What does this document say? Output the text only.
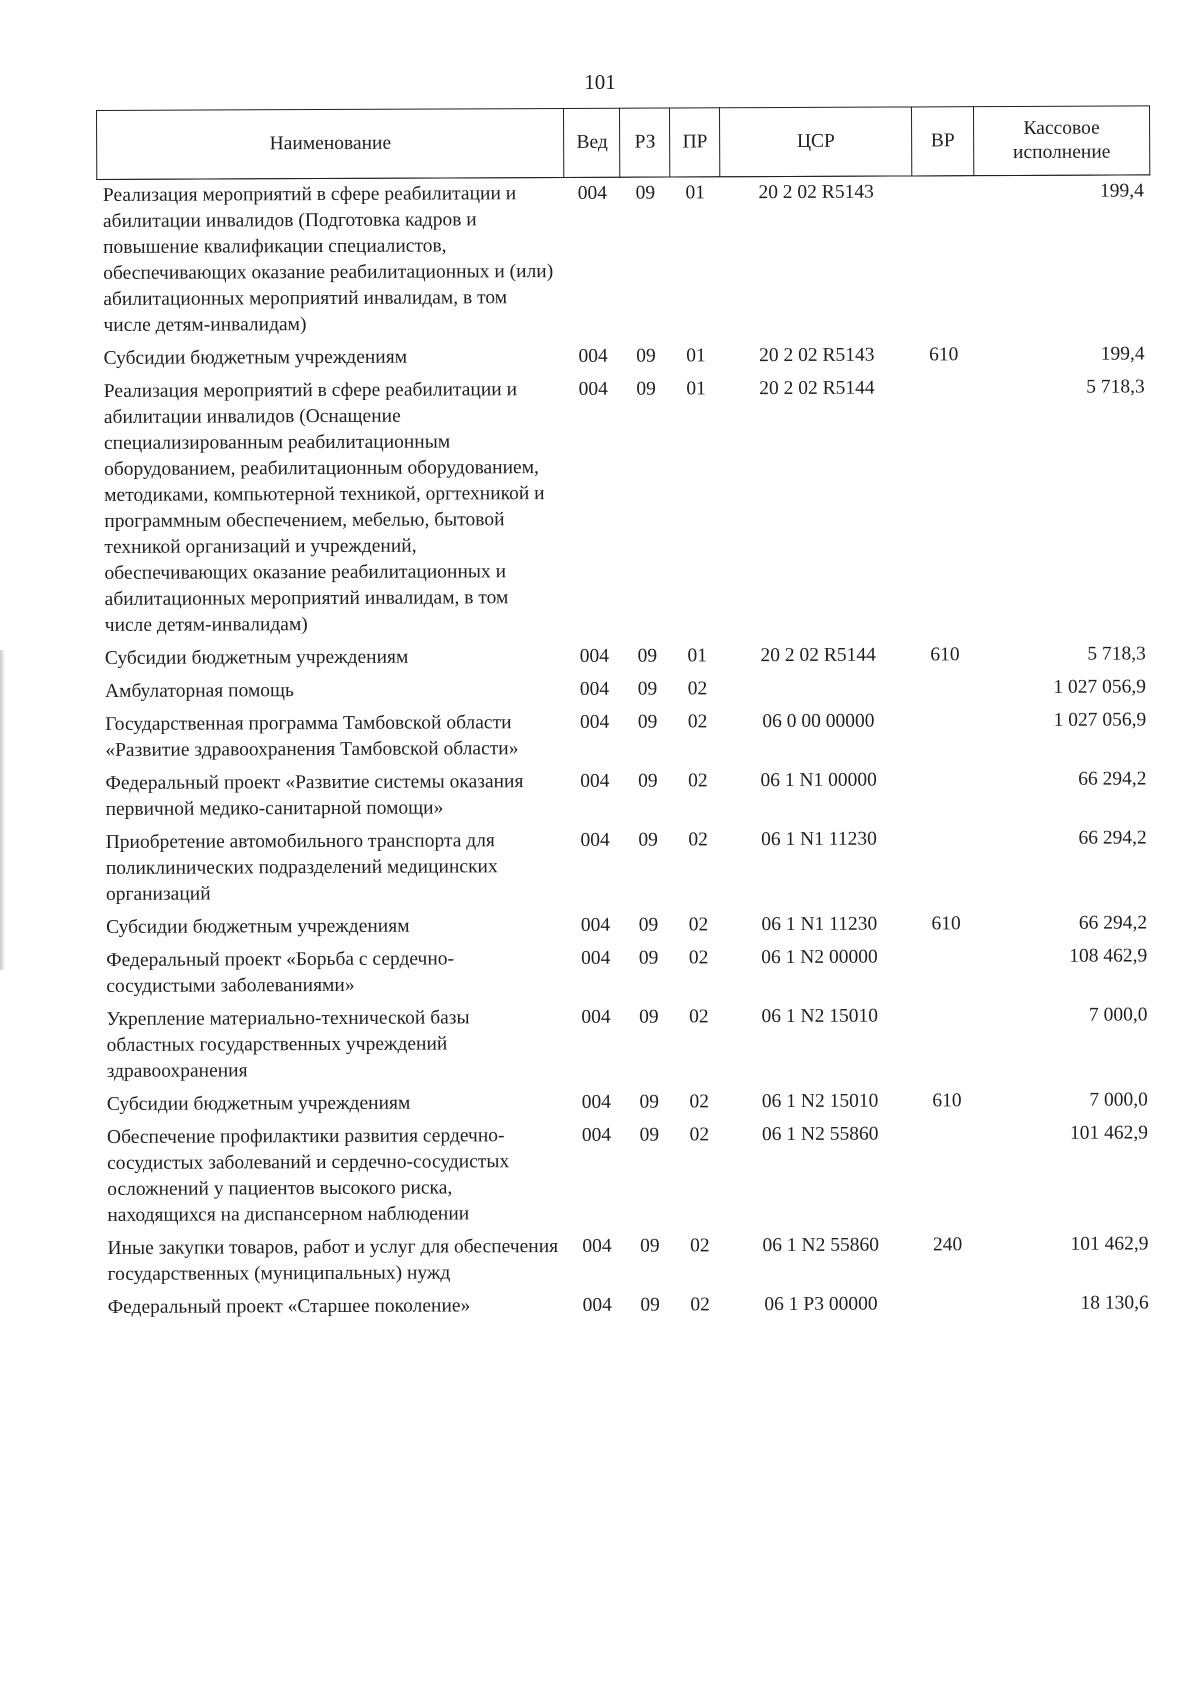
101
Наименование	Вед	РЗ	ПР	ЦСР	ВР	Кассовое исполнение
Реализация мероприятий в сфере реабилитации и абилитации инвалидов (Подготовка кадров и повышение квалификации специалистов, обеспечивающих оказание реабилитационных и (или) абилитационных мероприятий инвалидам, в том числе детям-инвалидам)	004	09	01	20 2 02 R5143		199,4
Субсидии бюджетным учреждениям	004	09	01	20 2 02 R5143	610	199,4
Реализация мероприятий в сфере реабилитации и абилитации инвалидов (Оснащение специализированным реабилитационным оборудованием, реабилитационным оборудованием, методиками, компьютерной техникой, оргтехникой и программным обеспечением, мебелью, бытовой техникой организаций и учреждений, обеспечивающих оказание реабилитационных и абилитационных мероприятий инвалидам, в том числе детям-инвалидам)	004	09	01	20 2 02 R5144		5 718,3
Субсидии бюджетным учреждениям	004	09	01	20 2 02 R5144	610	5 718,3
Амбулаторная помощь	004	09	02			1 027 056,9
Государственная программа Тамбовской области «Развитие здравоохранения Тамбовской области»	004	09	02	06 0 00 00000		1 027 056,9
Федеральный проект «Развитие системы оказания первичной медико-санитарной помощи»	004	09	02	06 1 N1 00000		66 294,2
Приобретение автомобильного транспорта для поликлинических подразделений медицинских организаций	004	09	02	06 1 N1 11230		66 294,2
Субсидии бюджетным учреждениям	004	09	02	06 1 N1 11230	610	66 294,2
Федеральный проект «Борьба с сердечно-сосудистыми заболеваниями»	004	09	02	06 1 N2 00000		108 462,9
Укрепление материально-технической базы областных государственных учреждений здравоохранения	004	09	02	06 1 N2 15010		7 000,0
Субсидии бюджетным учреждениям	004	09	02	06 1 N2 15010	610	7 000,0
Обеспечение профилактики развития сердечно-сосудистых заболеваний и сердечно-сосудистых осложнений у пациентов высокого риска, находящихся на диспансерном наблюдении	004	09	02	06 1 N2 55860		101 462,9
Иные закупки товаров, работ и услуг для обеспечения государственных (муниципальных) нужд	004	09	02	06 1 N2 55860	240	101 462,9
Федеральный проект «Старшее поколение»	004	09	02	06 1 P3 00000		18 130,6
